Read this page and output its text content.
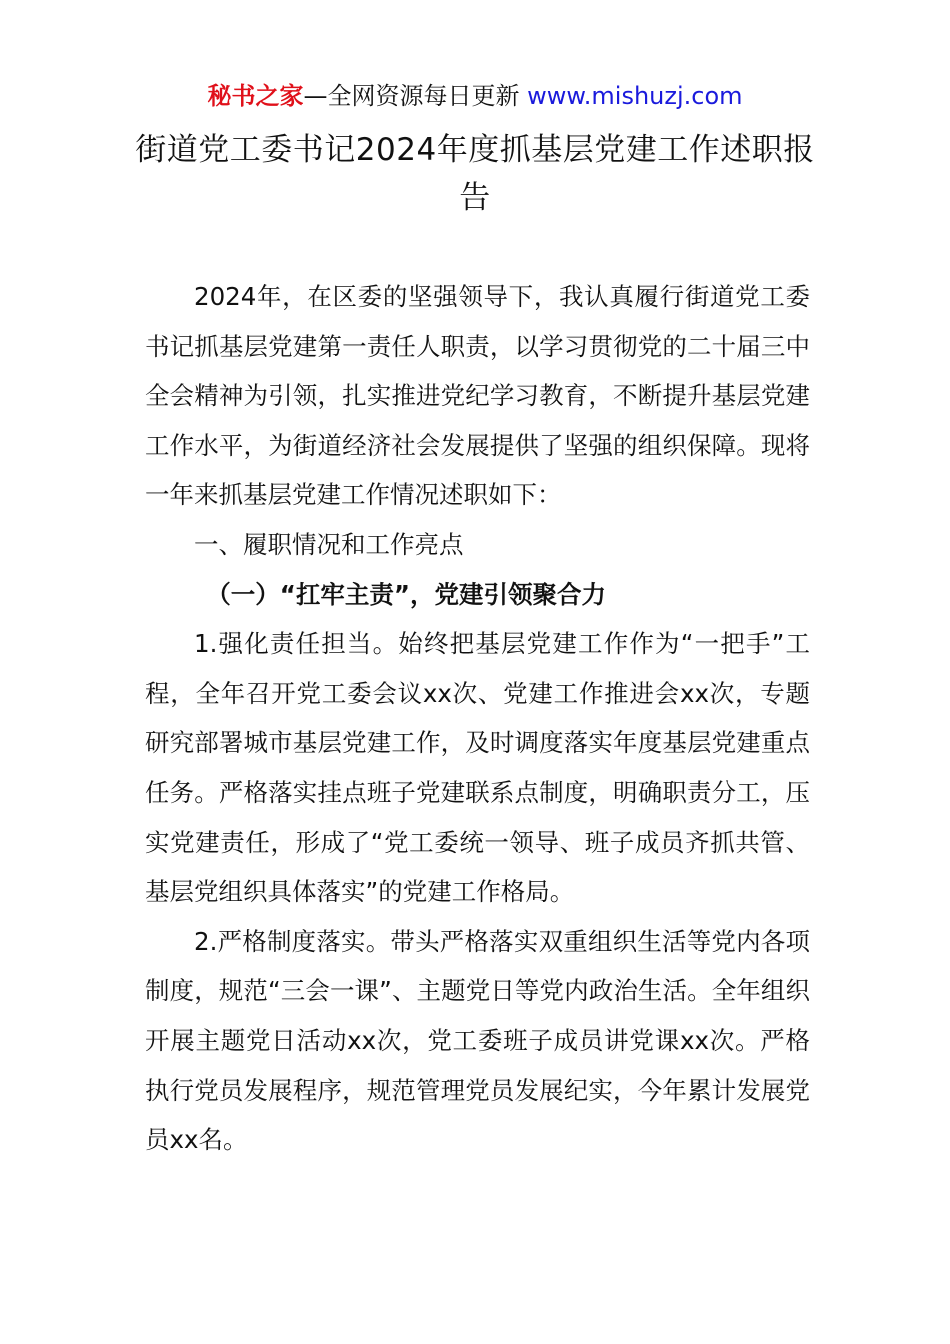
秘书之家—全网资源每日更新 www.mishuzj.com
街道党工委书记2024年度抓基层党建工作述职报告

2024年，在区委的坚强领导下，我认真履行街道党工委书记抓基层党建第一责任人职责，以学习贯彻党的二十届三中全会精神为引领，扎实推进党纪学习教育，不断提升基层党建工作水平，为街道经济社会发展提供了坚强的组织保障。现将一年来抓基层党建工作情况述职如下：

一、履职情况和工作亮点

（一）“扛牢主责”，党建引领聚合力

1.强化责任担当。始终把基层党建工作作为“一把手”工程，全年召开党工委会议xx次、党建工作推进会xx次，专题研究部署城市基层党建工作，及时调度落实年度基层党建重点任务。严格落实挂点班子党建联系点制度，明确职责分工，压实党建责任，形成了“党工委统一领导、班子成员齐抓共管、基层党组织具体落实”的党建工作格局。

2.严格制度落实。带头严格落实双重组织生活等党内各项制度，规范“三会一课”、主题党日等党内政治生活。全年组织开展主题党日活动xx次，党工委班子成员讲党课xx次。严格执行党员发展程序，规范管理党员发展纪实，今年累计发展党员xx名。
